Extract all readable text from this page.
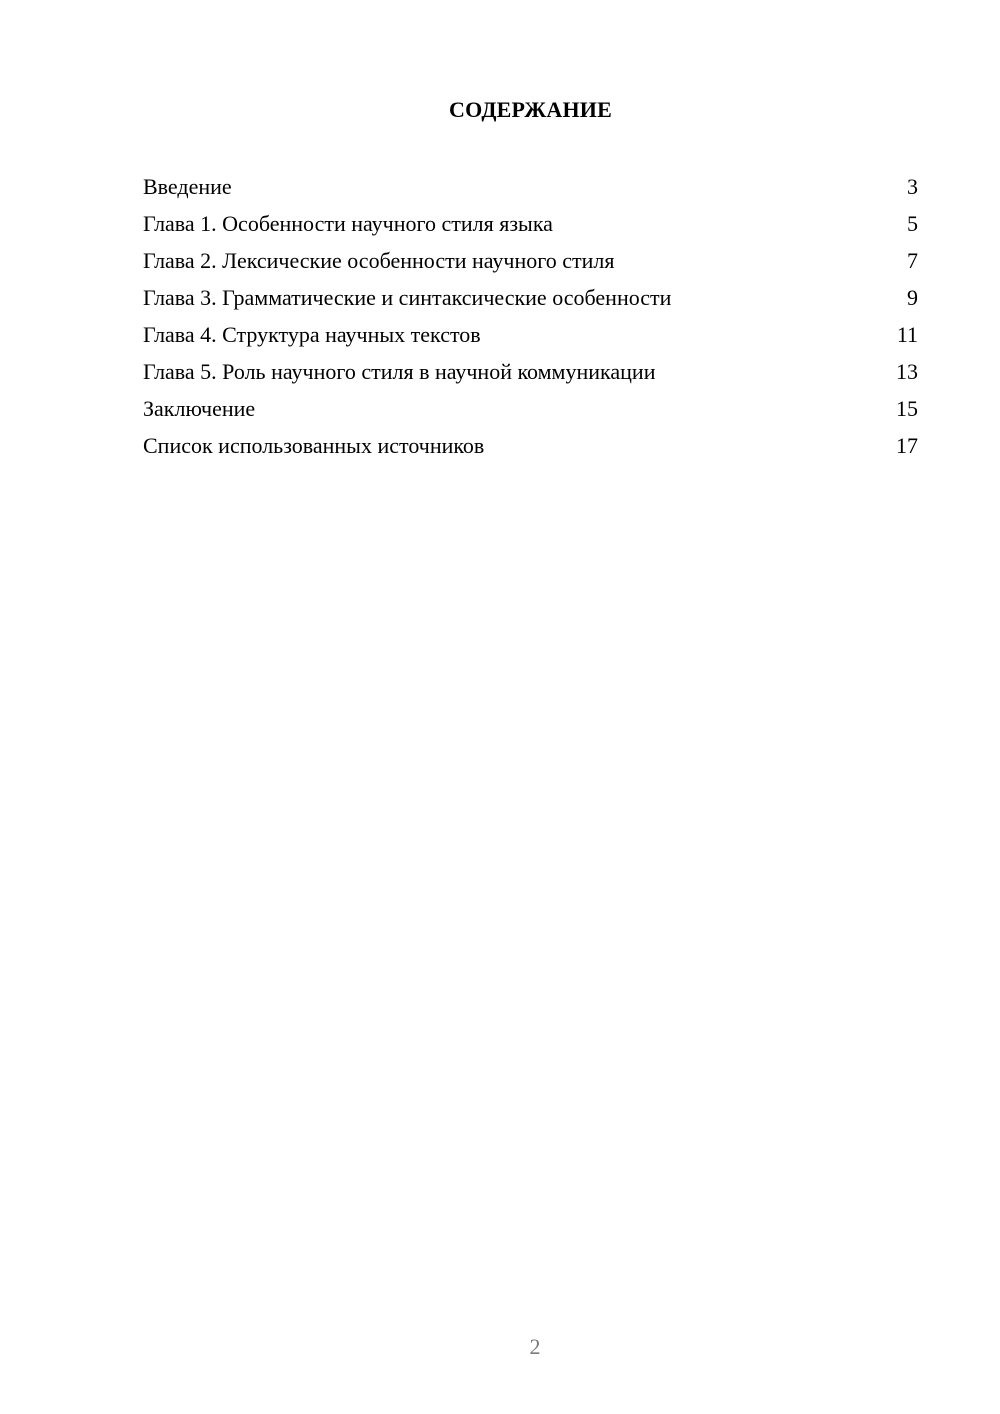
СОДЕРЖАНИЕ
Введение	3
Глава 1. Особенности научного стиля языка	5
Глава 2. Лексические особенности научного стиля	7
Глава 3. Грамматические и синтаксические особенности	9
Глава 4. Структура научных текстов	11
Глава 5. Роль научного стиля в научной коммуникации	13
Заключение	15
Список использованных источников	17
2
